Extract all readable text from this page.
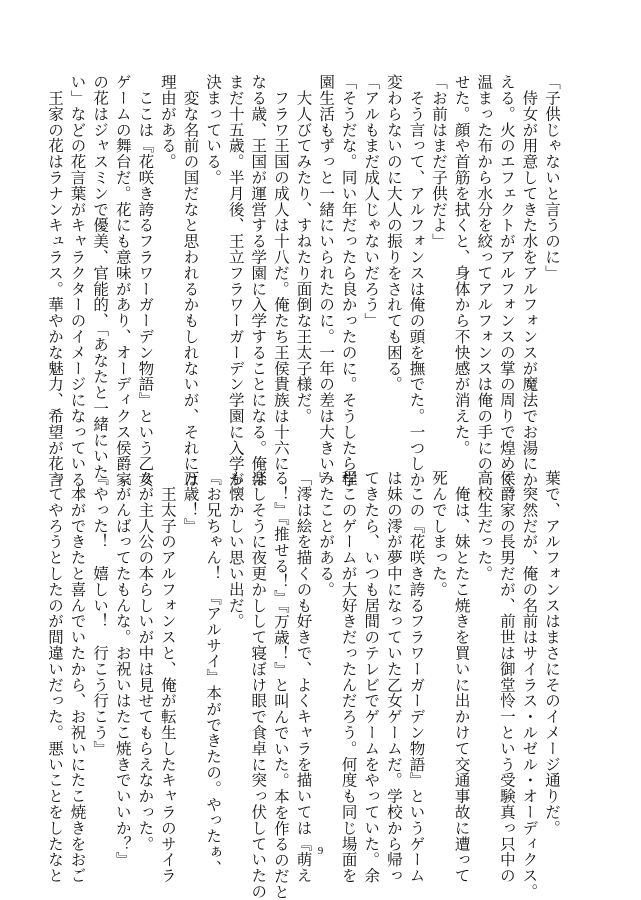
「子供じゃないと言うのに」
　侍女が用意してきた水をアルフォンスが魔法でお湯にか
える。火のエフェクトがアルフォンスの掌の周りで煌めく。
温まった布から水分を絞ってアルフォンスは俺の手にの
せた。顔や首筋を拭くと、身体から不快感が消えた。
「お前はまだ子供だよ」
　そう言って、アルフォンスは俺の頭を撫でた。一つしか
変わらないのに大人の振りをされても困る。
「アルもまだ成人じゃないだろう」
「そうだな。同い年だったら良かったのに。そうしたら学
園生活もずっと一緒にいられたのに。一年の差は大きい」
　大人びてみたり、すねたり面倒な王太子様だ。
　フラワ王国の成人は十八だ。俺たち王侯貴族は十六に
なる歳、王国が運営する学園に入学することになる。俺は
まだ十五歳。半月後、王立フラワーガーデン学園に入学が
決まっている。
　変な名前の国だなと思われるかもしれないが、それには
理由がある。
　ここは『花咲き誇るフラワーガーデン物語』という乙女
ゲームの舞台だ。花にも意味があり、オーディクス侯爵家
の花はジャスミンで優美、官能的、「あなたと一緒にいた
い」などの花言葉がキャラクターのイメージになっている。
　王家の花はラナンキュラス。華やかな魅力、希望が花言
葉で、アルフォンスはまさにそのイメージ通りだ。
　突然だが、俺の名前はサイラス・ルゼル・オーディクス。
侯爵家の長男だが、前世は御堂怜一という受験真っ只中の
高校生だった。
　俺は、妹とたこ焼きを買いに出かけて交通事故に遭って
死んでしまった。
　この『花咲き誇るフラワーガーデン物語』というゲーム
は妹の澪が夢中になっていた乙女ゲームだ。学校から帰っ
てきたら、いつも居間のテレビでゲームをやっていた。余
程このゲームが大好きだったんだろう。何度も同じ場面を
みたことがある。
「澪は絵を描くのも好きで、よくキャラを描いては『萌え
る！』『推せる！』『万歳！』と叫んでいた。本を作るのだと
楽しそうに夜更かしして寝ぼけ眼で食卓に突っ伏していたの
も懐かしい思い出だ。
『お兄ちゃん！　『アルサイ』本ができたの。やったぁ、
万歳！』
　王太子のアルフォンスと、俺が転生したキャラのサイラ
スが主人公の本らしいが中は見せてもらえなかった。
『がんばってたもんな。お祝いはたこ焼きでいいか？』
『やった！　嬉しい！　行こう行こう』
　本ができたと喜んでいたから、お祝いにたこ焼きをおご
ってやろうとしたのが間違いだった。悪いことをしたなと	9
